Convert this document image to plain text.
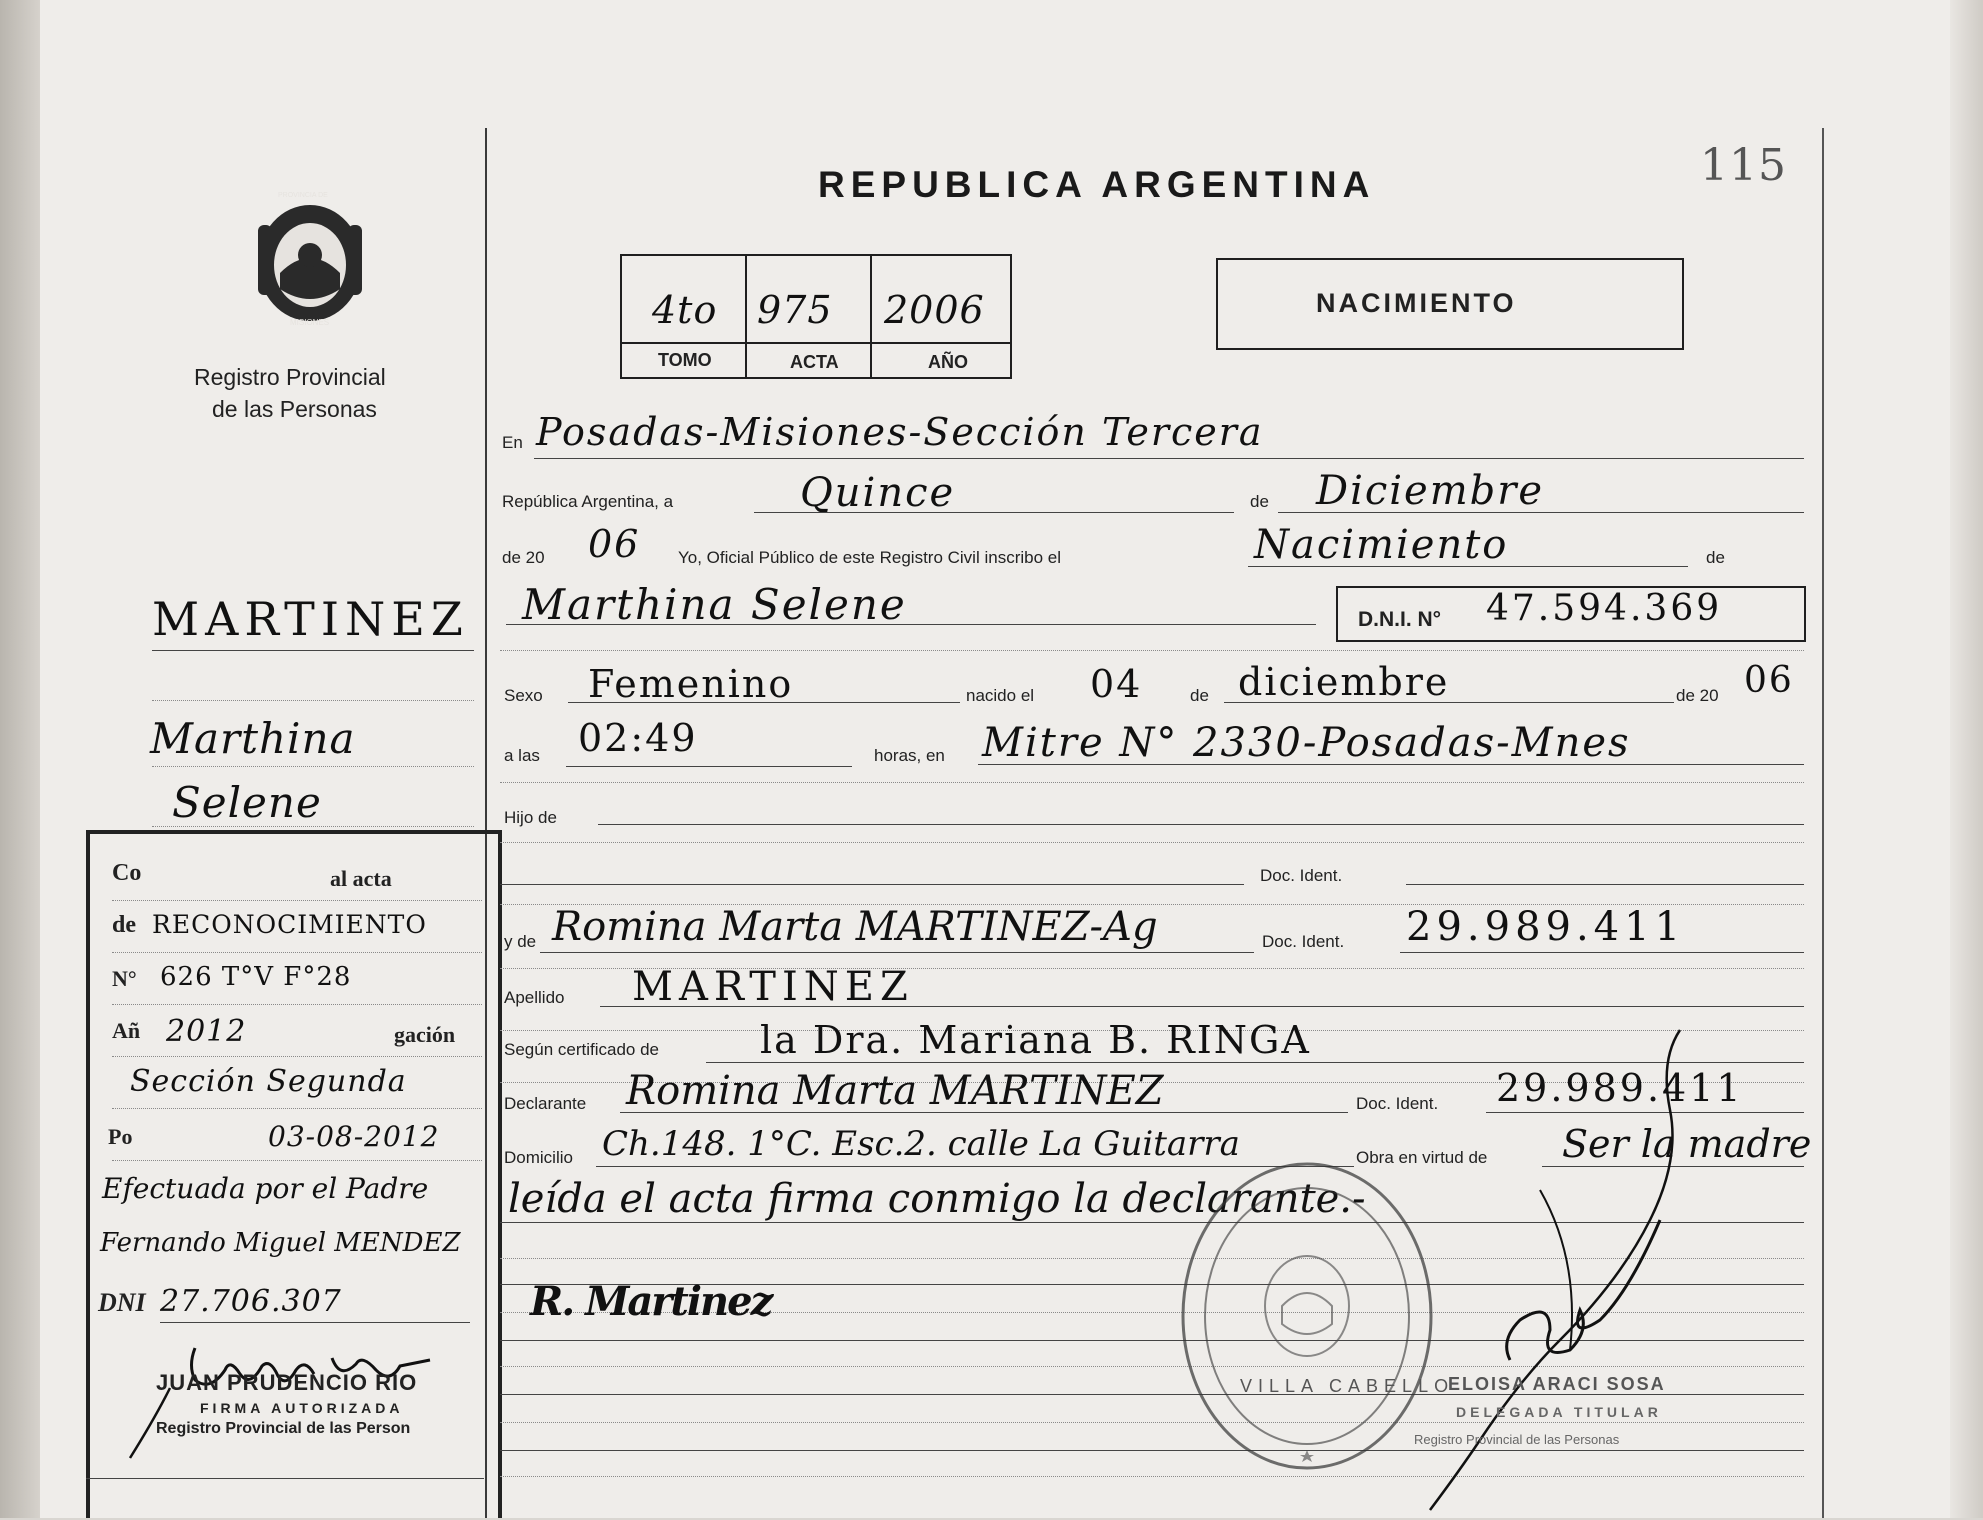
115
PROVINCIA DE
MISIONES
Registro Provincial
de las Personas
REPUBLICA ARGENTINA
4to 975 2006
TOMO	ACTA	AÑO
NACIMIENTO
MARTINEZ
Marthina
Selene
Co	al acta
de RECONOCIMIENTO
N° 626 T°V F°28
Añ 2012	gación
Sección Segunda
Po	03-08-2012
Efectuada por el Padre
Fernando Miguel MENDEZ
DNI 27.706.307
JUAN PRUDENCIO RIO
FIRMA AUTORIZADA
Registro Provincial de las Person
En Posadas-Misiones-Sección Tercera
República Argentina, a	Quince	de Diciembre
de 20 06 Yo, Oficial Público de este Registro Civil inscribo el	Nacimiento	de
Marthina Selene	D.N.I. N° 47.594.369
Sexo Femenino	nacido el 04	de diciembre	de 20 06
a las 02:49	horas, en Mitre N° 2330-Posadas-Mnes
Hijo de
Doc. Ident.
y de Romina Marta MARTINEZ-Ag	Doc. Ident. 29.989.411
Apellido MARTINEZ
Según certificado de	la Dra. Mariana B. RINGA
Declarante Romina Marta MARTINEZ	Doc. Ident. 29.989.411
Domicilio Ch.148. 1°C. Esc.2. calle La Guitarra	Obra en virtud de Ser la madre
leída el acta firma conmigo la declarante.-
R. Martinez
VILLA CABELLO
ELOISA ARACI SOSA
DELEGADA TITULAR
Registro Provincial de las Personas
